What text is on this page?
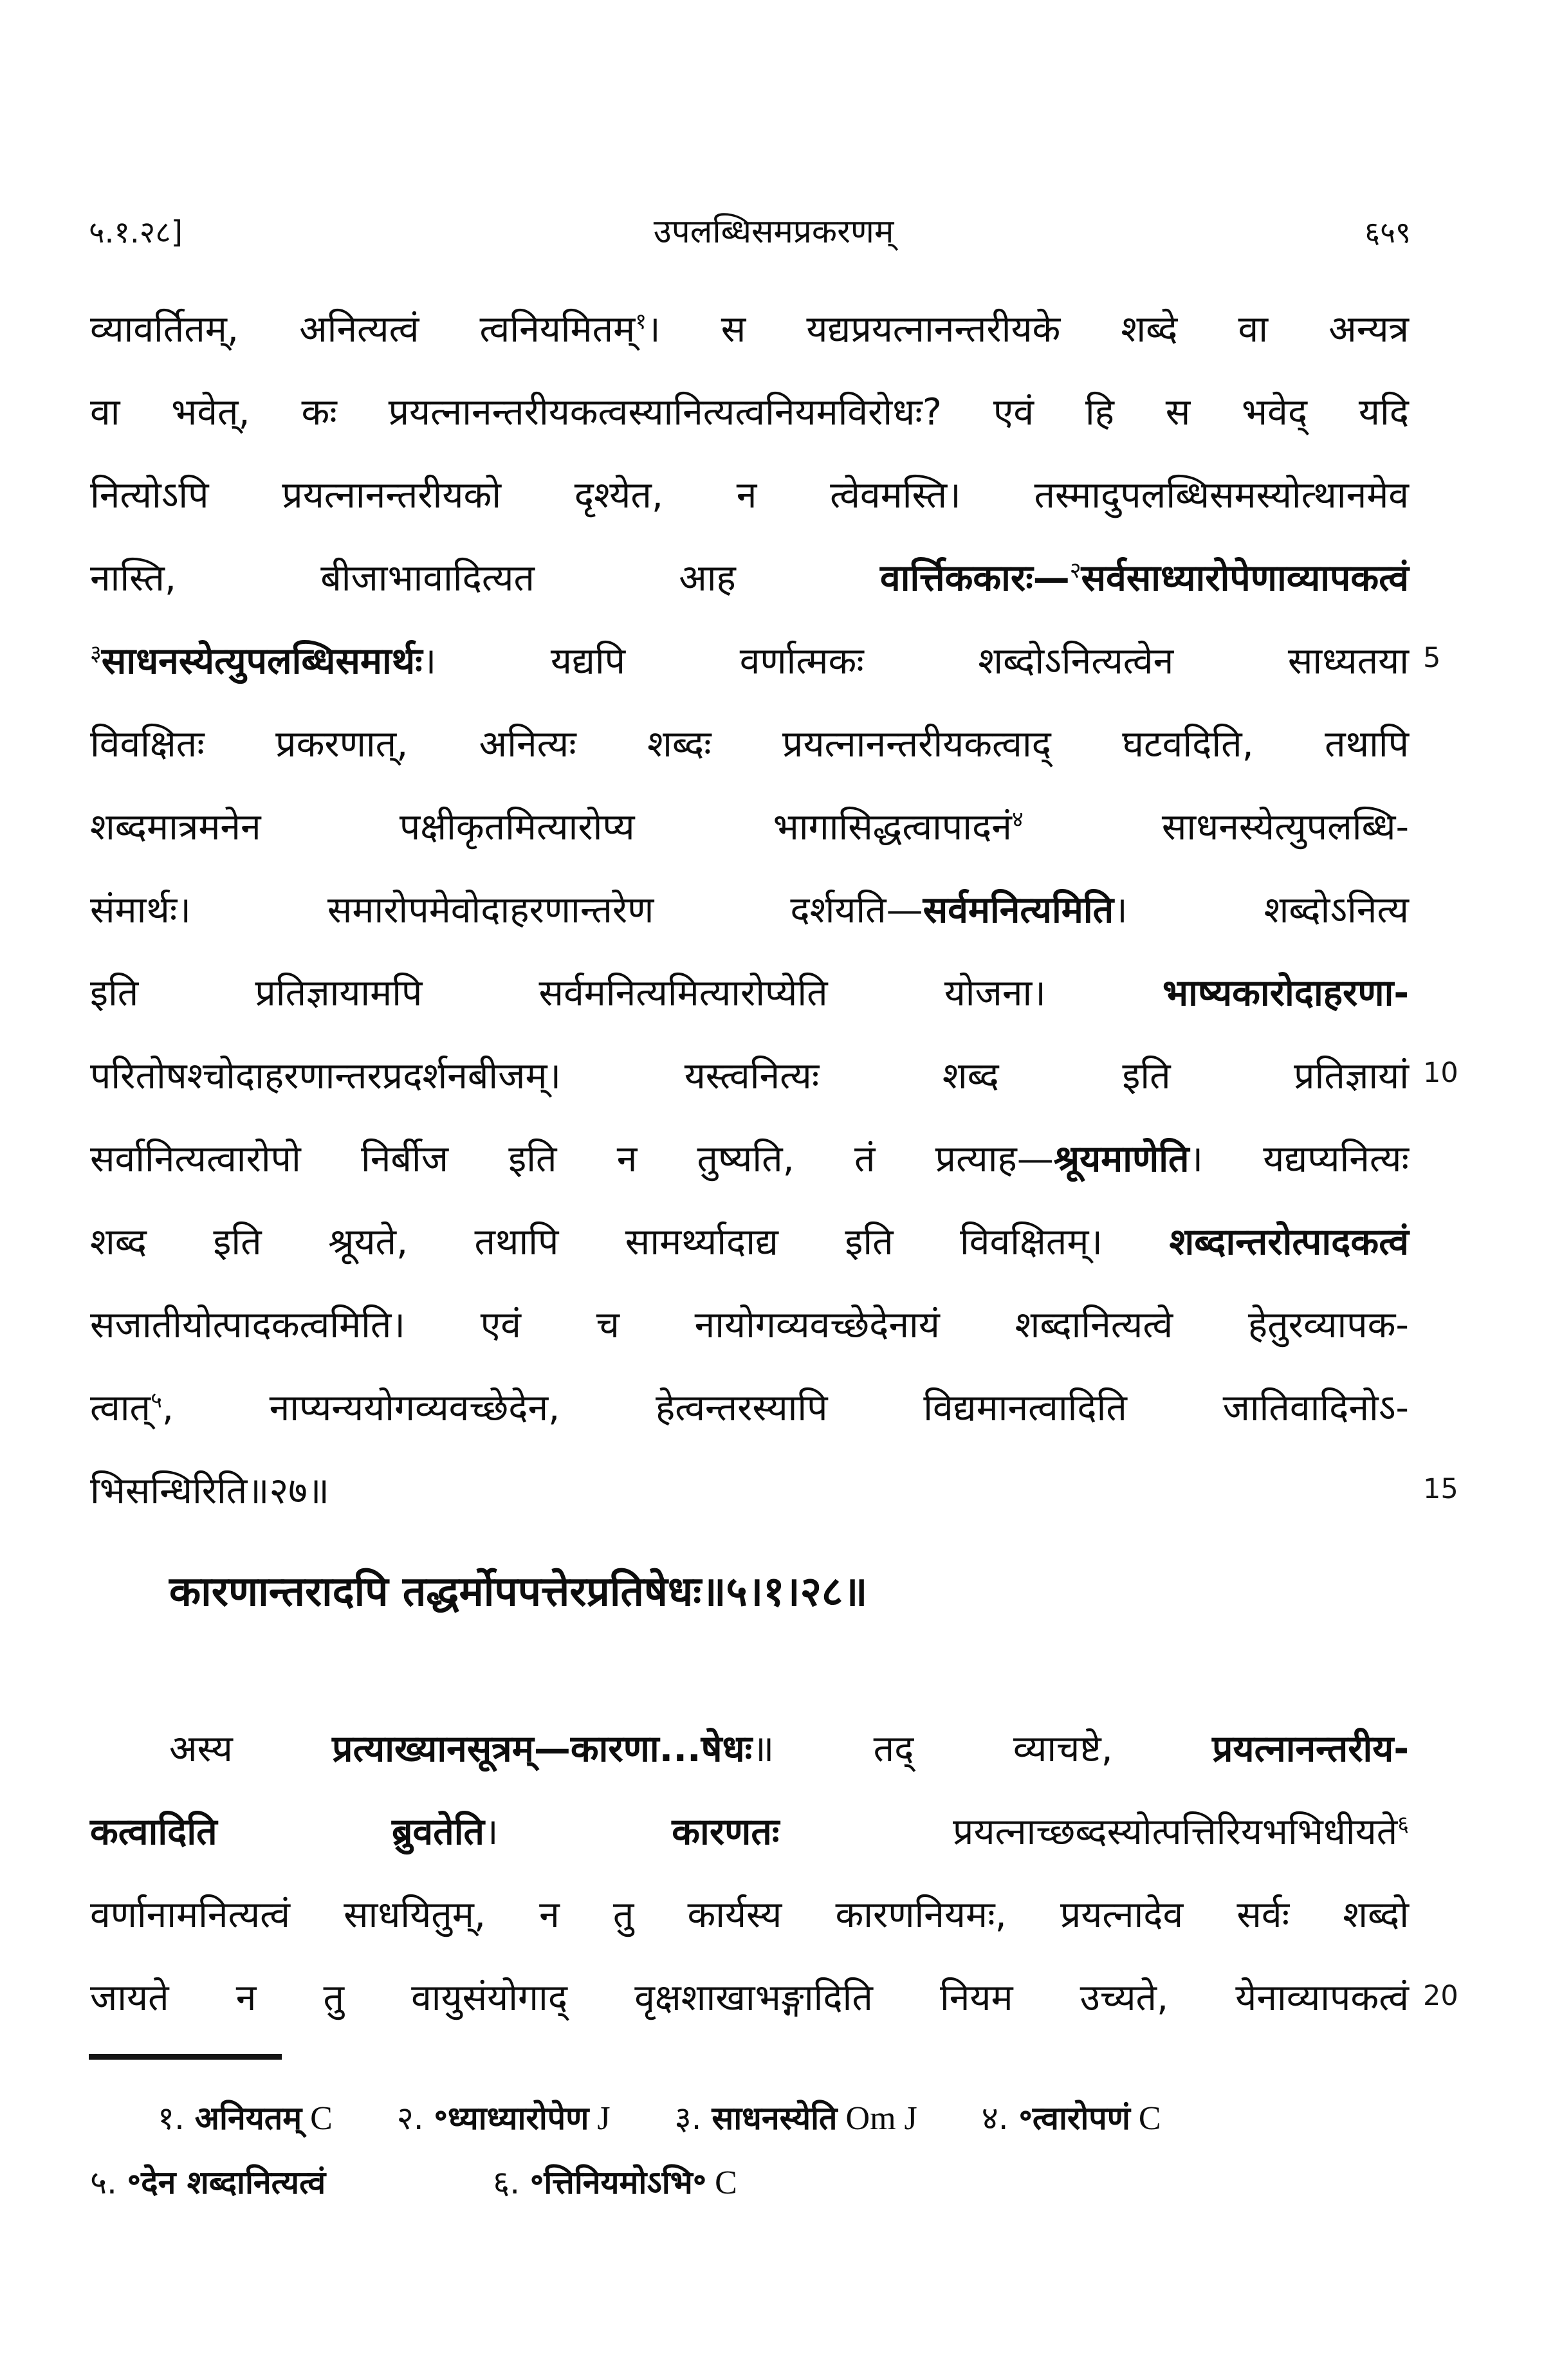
५.१.२८]	उपलब्धिसमप्रकरणम्	६५९
व्यावर्तितम्, अनित्यत्वं त्वनियमितम्$^१$। स यद्यप्रयत्नानन्तरीयके शब्दे वा अन्यत्र
वा भवेत्, कः प्रयत्नानन्तरीयकत्वस्यानित्यत्वनियमविरोधः? एवं हि स भवेद् यदि
नित्योऽपि प्रयत्नानन्तरीयको दृश्येत, न त्वेवमस्ति। तस्मादुपलब्धिसमस्योत्थानमेव
नास्ति, बीजाभावादित्यत आह वार्त्तिककारः—$^२$सर्वसाध्यारोपेणाव्यापकत्वं
$^३$साधनस्येत्युपलब्धिसमार्थः। यद्यपि वर्णात्मकः शब्दोऽनित्यत्वेन साध्यतया
विवक्षितः प्रकरणात्, अनित्यः शब्दः प्रयत्नानन्तरीयकत्वाद् घटवदिति, तथापि
शब्दमात्रमनेन पक्षीकृतमित्यारोप्य भागासिद्धत्वापादनं$^४$ साधनस्येत्युपलब्धि-
संमार्थः। समारोपमेवोदाहरणान्तरेण दर्शयति—सर्वमनित्यमिति। शब्दोऽनित्य
इति प्रतिज्ञायामपि सर्वमनित्यमित्यारोप्येति योजना। भाष्यकारोदाहरणा-
परितोषश्चोदाहरणान्तरप्रदर्शनबीजम्। यस्त्वनित्यः शब्द इति प्रतिज्ञायां
सर्वानित्यत्वारोपो निर्बीज इति न तुष्यति, तं प्रत्याह—श्रूयमाणेति। यद्यप्यनित्यः
शब्द इति श्रूयते, तथापि सामर्थ्यादाद्य इति विवक्षितम्। शब्दान्तरोत्पादकत्वं
सजातीयोत्पादकत्वमिति। एवं च नायोगव्यवच्छेदेनायं शब्दानित्यत्वे हेतुरव्यापक-
त्वात्$^५$, नाप्यन्ययोगव्यवच्छेदेन, हेत्वन्तरस्यापि विद्यमानत्वादिति जातिवादिनोऽ-
भिसन्धिरिति॥२७॥
कारणान्तरादपि तद्धर्मोपपत्तेरप्रतिषेधः॥५।१।२८॥
अस्य प्रत्याख्यानसूत्रम्—कारणा...षेधः॥ तद् व्याचष्टे, प्रयत्नानन्तरीय-
कत्वादिति ब्रुवतेति। कारणतः प्रयत्नाच्छब्दस्योत्पत्तिरियभभिधीयते$^६$
वर्णानामनित्यत्वं साधयितुम्, न तु कार्यस्य कारणनियमः, प्रयत्नादेव सर्वः शब्दो
जायते न तु वायुसंयोगाद् वृक्षशाखाभङ्गादिति नियम उच्यते, येनाव्यापकत्वं
5
10
15
20
१. अनियतम् C २. ॰ध्याध्यारोपेण J ३. साधनस्येति Om J ४. ॰त्वारोपणं C
५. ॰देन शब्दानित्यत्वं	६. ॰त्तिनियमोऽभि॰ C
